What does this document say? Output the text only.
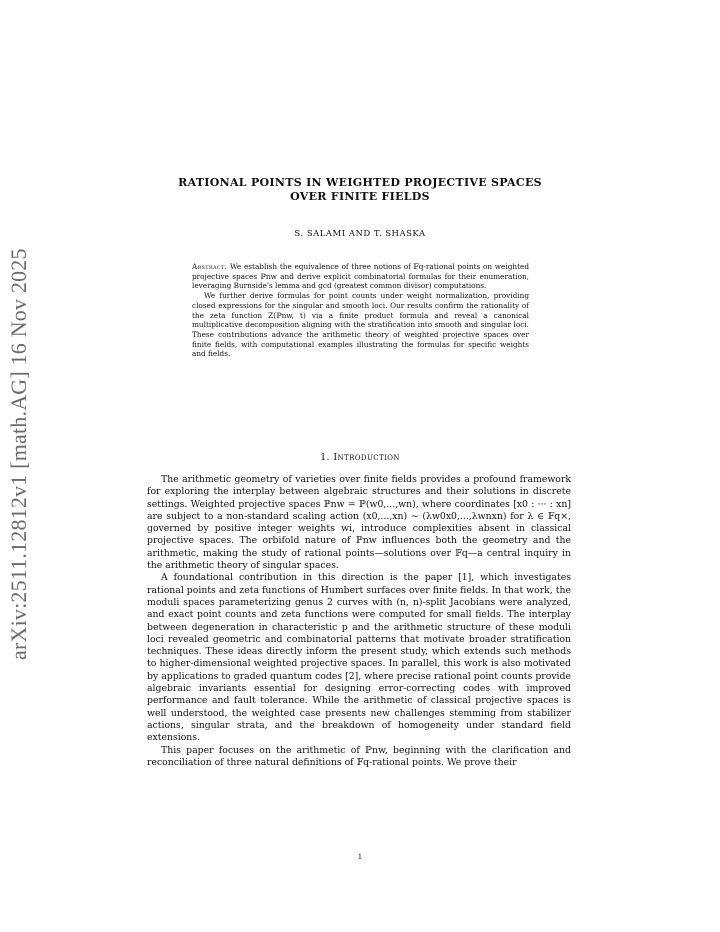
arXiv:2511.12812v1 [math.AG] 16 Nov 2025
RATIONAL POINTS IN WEIGHTED PROJECTIVE SPACES
OVER FINITE FIELDS
S. SALAMI AND T. SHASKA

Abstract. We establish the equivalence of three notions of 𝔽q-rational points on weighted projective spaces ℙnw and derive explicit combinatorial formulas for their enumeration, leveraging Burnside's lemma and gcd (greatest common divisor) computations.

We further derive formulas for point counts under weight normalization, providing closed expressions for the singular and smooth loci. Our results confirm the rationality of the zeta function Z(ℙnw, t) via a finite product formula and reveal a canonical multiplicative decomposition aligning with the stratification into smooth and singular loci. These contributions advance the arithmetic theory of weighted projective spaces over finite fields, with computational examples illustrating the formulas for specific weights and fields.

1. Introduction

The arithmetic geometry of varieties over finite fields provides a profound framework for exploring the interplay between algebraic structures and their solutions in discrete settings. Weighted projective spaces ℙnw = ℙ(w0,...,wn), where coordinates [x0 : ··· : xn] are subject to a non-standard scaling action (x0,...,xn) ∼ (λw0x0,...,λwnxn) for λ ∈ 𝔽q×, governed by positive integer weights wi, introduce complexities absent in classical projective spaces. The orbifold nature of ℙnw influences both the geometry and the arithmetic, making the study of rational points—solutions over 𝔽q—a central inquiry in the arithmetic theory of singular spaces.

A foundational contribution in this direction is the paper [1], which investigates rational points and zeta functions of Humbert surfaces over finite fields. In that work, the moduli spaces parameterizing genus 2 curves with (n, n)-split Jacobians were analyzed, and exact point counts and zeta functions were computed for small fields. The interplay between degeneration in characteristic p and the arithmetic structure of these moduli loci revealed geometric and combinatorial patterns that motivate broader stratification techniques. These ideas directly inform the present study, which extends such methods to higher-dimensional weighted projective spaces. In parallel, this work is also motivated by applications to graded quantum codes [2], where precise rational point counts provide algebraic invariants essential for designing error-correcting codes with improved performance and fault tolerance. While the arithmetic of classical projective spaces is well understood, the weighted case presents new challenges stemming from stabilizer actions, singular strata, and the breakdown of homogeneity under standard field extensions.

This paper focuses on the arithmetic of ℙnw, beginning with the clarification and reconciliation of three natural definitions of 𝔽q-rational points. We prove their

1
